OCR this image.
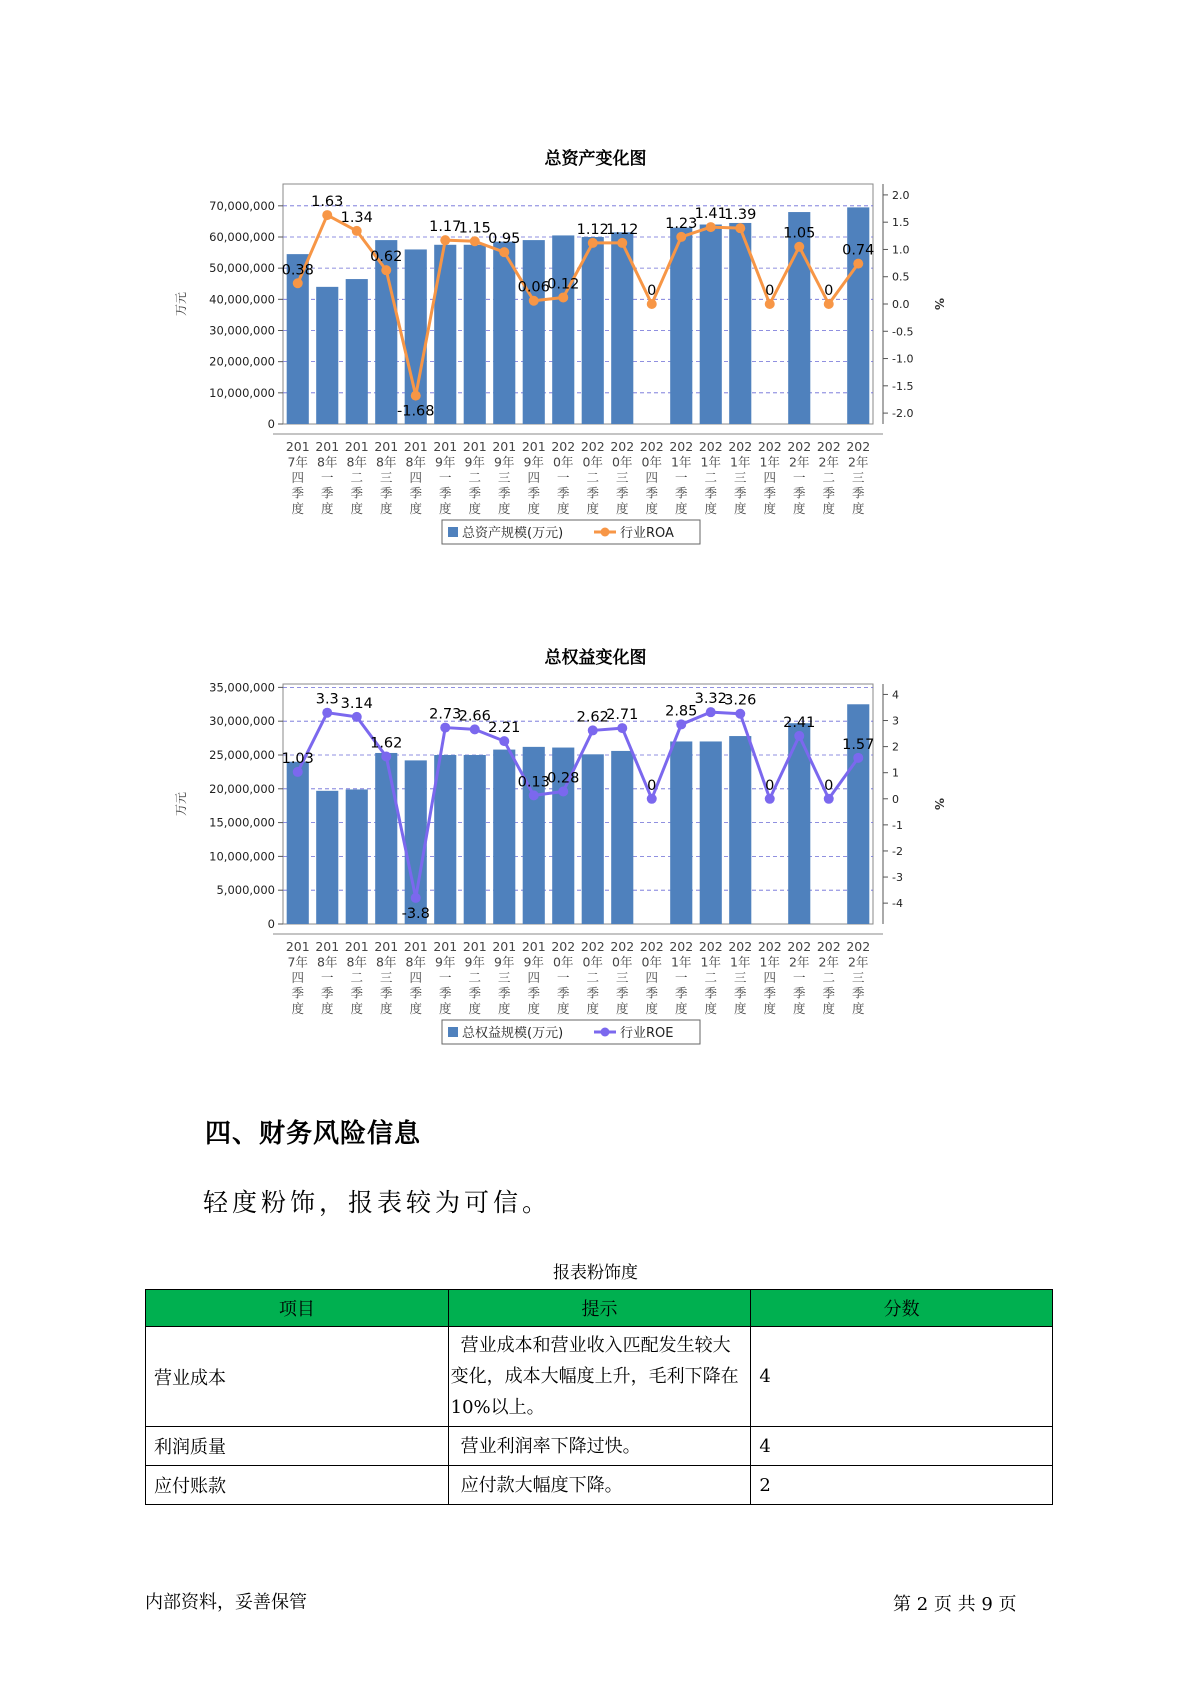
总资产变化图
0
10,000,000
20,000,000
30,000,000
40,000,000
50,000,000
60,000,000
70,000,000
-2.0
-1.5
-1.0
-0.5
0.0
0.5
1.0
1.5
2.0
万元	%
201 7年四季度
201 8年一季度
201 8年二季度
201 8年三季度
201 8年四季度
201 9年一季度
201 9年二季度
201 9年三季度
201 9年四季度
202 0年一季度
202 0年二季度
202 0年三季度
202 0年四季度
202 1年一季度
202 1年二季度
202 1年三季度
202 1年四季度
202 2年一季度
202 2年二季度
202 2年三季度
0.38
1.63
1.34
0.62
-1.68
1.17
1.15
0.95
0.06
0.12
1.12
1.12
0
1.23
1.41
1.39
0
1.05
0
0.74
总资产规模(万元)	行业ROA
总权益变化图
0
5,000,000
10,000,000
15,000,000
20,000,000
25,000,000
30,000,000
35,000,000
-4
-3
-2
-1
0
1
2
3
4
万元	%
201 7年四季度
201 8年一季度
201 8年二季度
201 8年三季度
201 8年四季度
201 9年一季度
201 9年二季度
201 9年三季度
201 9年四季度
202 0年一季度
202 0年二季度
202 0年三季度
202 0年四季度
202 1年一季度
202 1年二季度
202 1年三季度
202 1年四季度
202 2年一季度
202 2年二季度
202 2年三季度
1.03
3.3 3.14
1.62
-3.8
2.73
2.66
2.21
0.13
0.28
2.62
2.71
0
2.85
3.32
3.26
0
2.41
0
1.57
总权益规模(万元)	行业ROE
四、财务风险信息
轻度粉饰，报表较为可信。
报表粉饰度
项目	提示	分数
营业成本	营业成本和营业收入匹配发生较大变化，成本大幅度上升，毛利下降在10%以上。	4
利润质量	营业利润率下降过快。	4
应付账款	应付款大幅度下降。	2
内部资料，妥善保管	第 2 页 共 9 页
